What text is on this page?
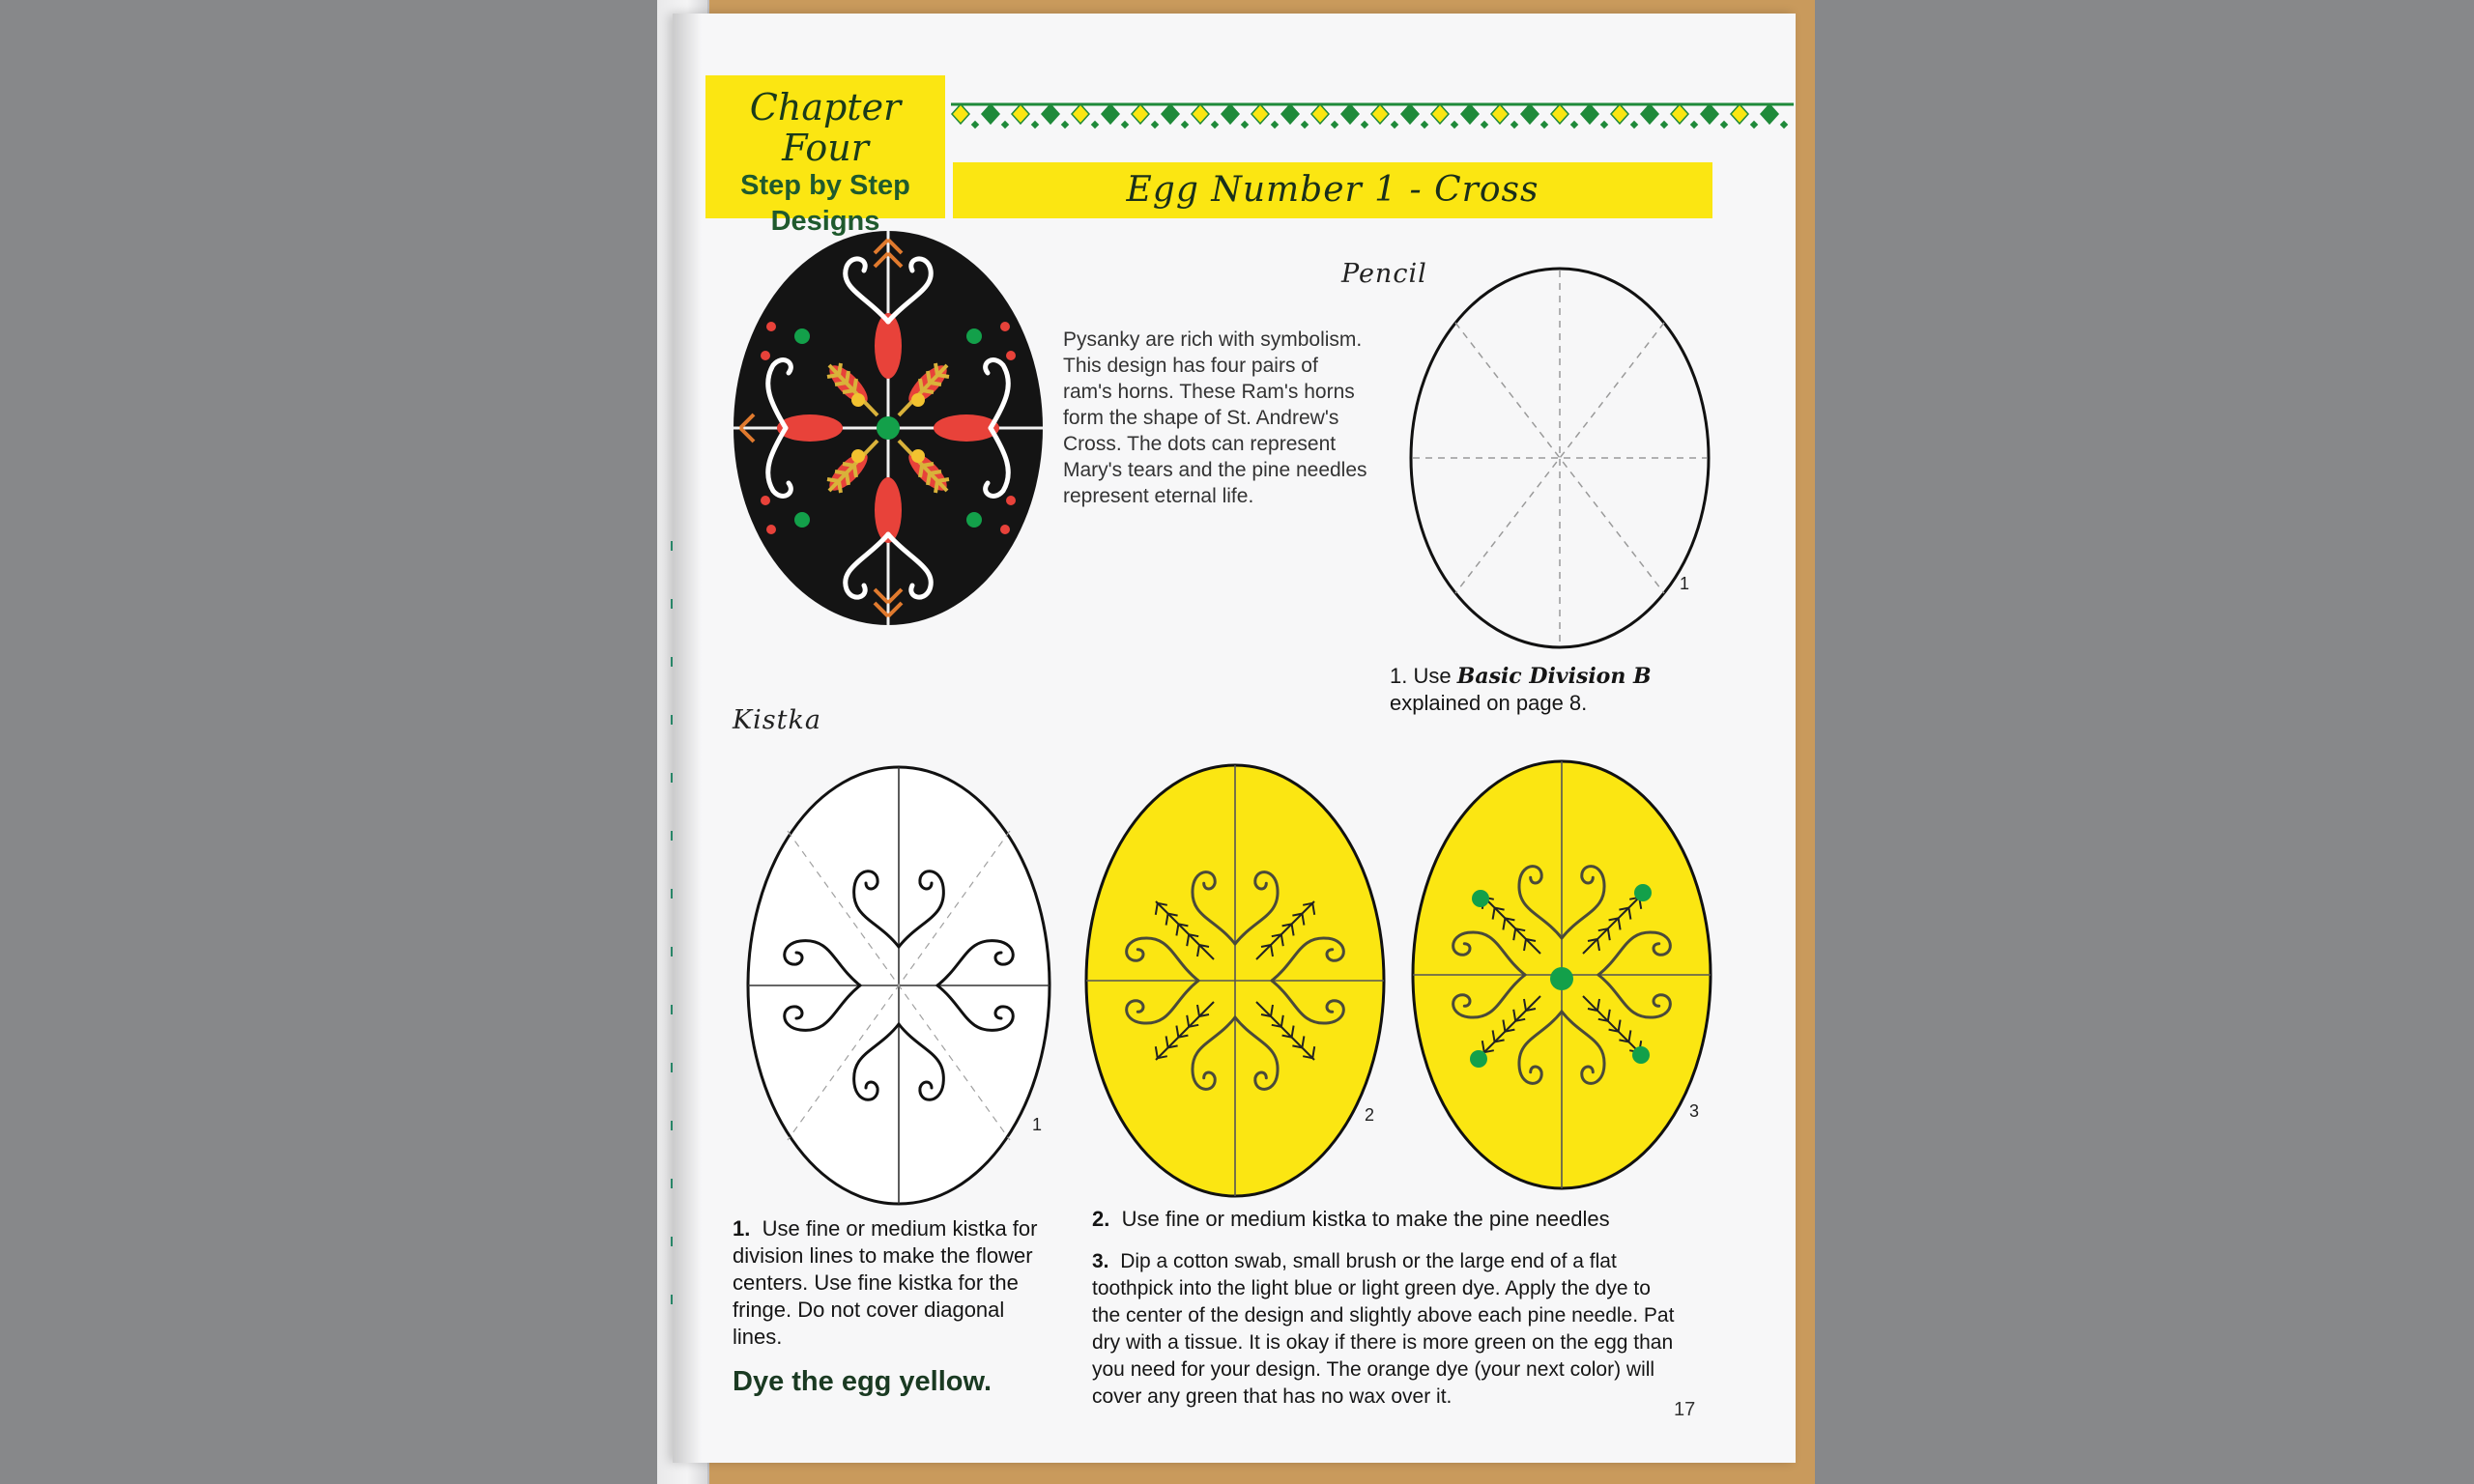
Chapter Four
Step by Step
Designs
Egg Number 1 - Cross
Pencil
Pysanky are rich with symbolism.
This design has four pairs of
ram's horns. These Ram's horns
form the shape of St. Andrew's
Cross. The dots can represent
Mary's tears and the pine needles
represent eternal life.
1
1. Use Basic Division B
explained on page 8.
Kistka
1	2	3
1. Use fine or medium kistka for
division lines to make the flower
centers. Use fine kistka for the
fringe. Do not cover diagonal
lines.
Dye the egg yellow.
2. Use fine or medium kistka to make the pine needles
3. Dip a cotton swab, small brush or the large end of a flat
toothpick into the light blue or light green dye. Apply the dye to
the center of the design and slightly above each pine needle. Pat
dry with a tissue. It is okay if there is more green on the egg than
you need for your design. The orange dye (your next color) will
cover any green that has no wax over it.
17
